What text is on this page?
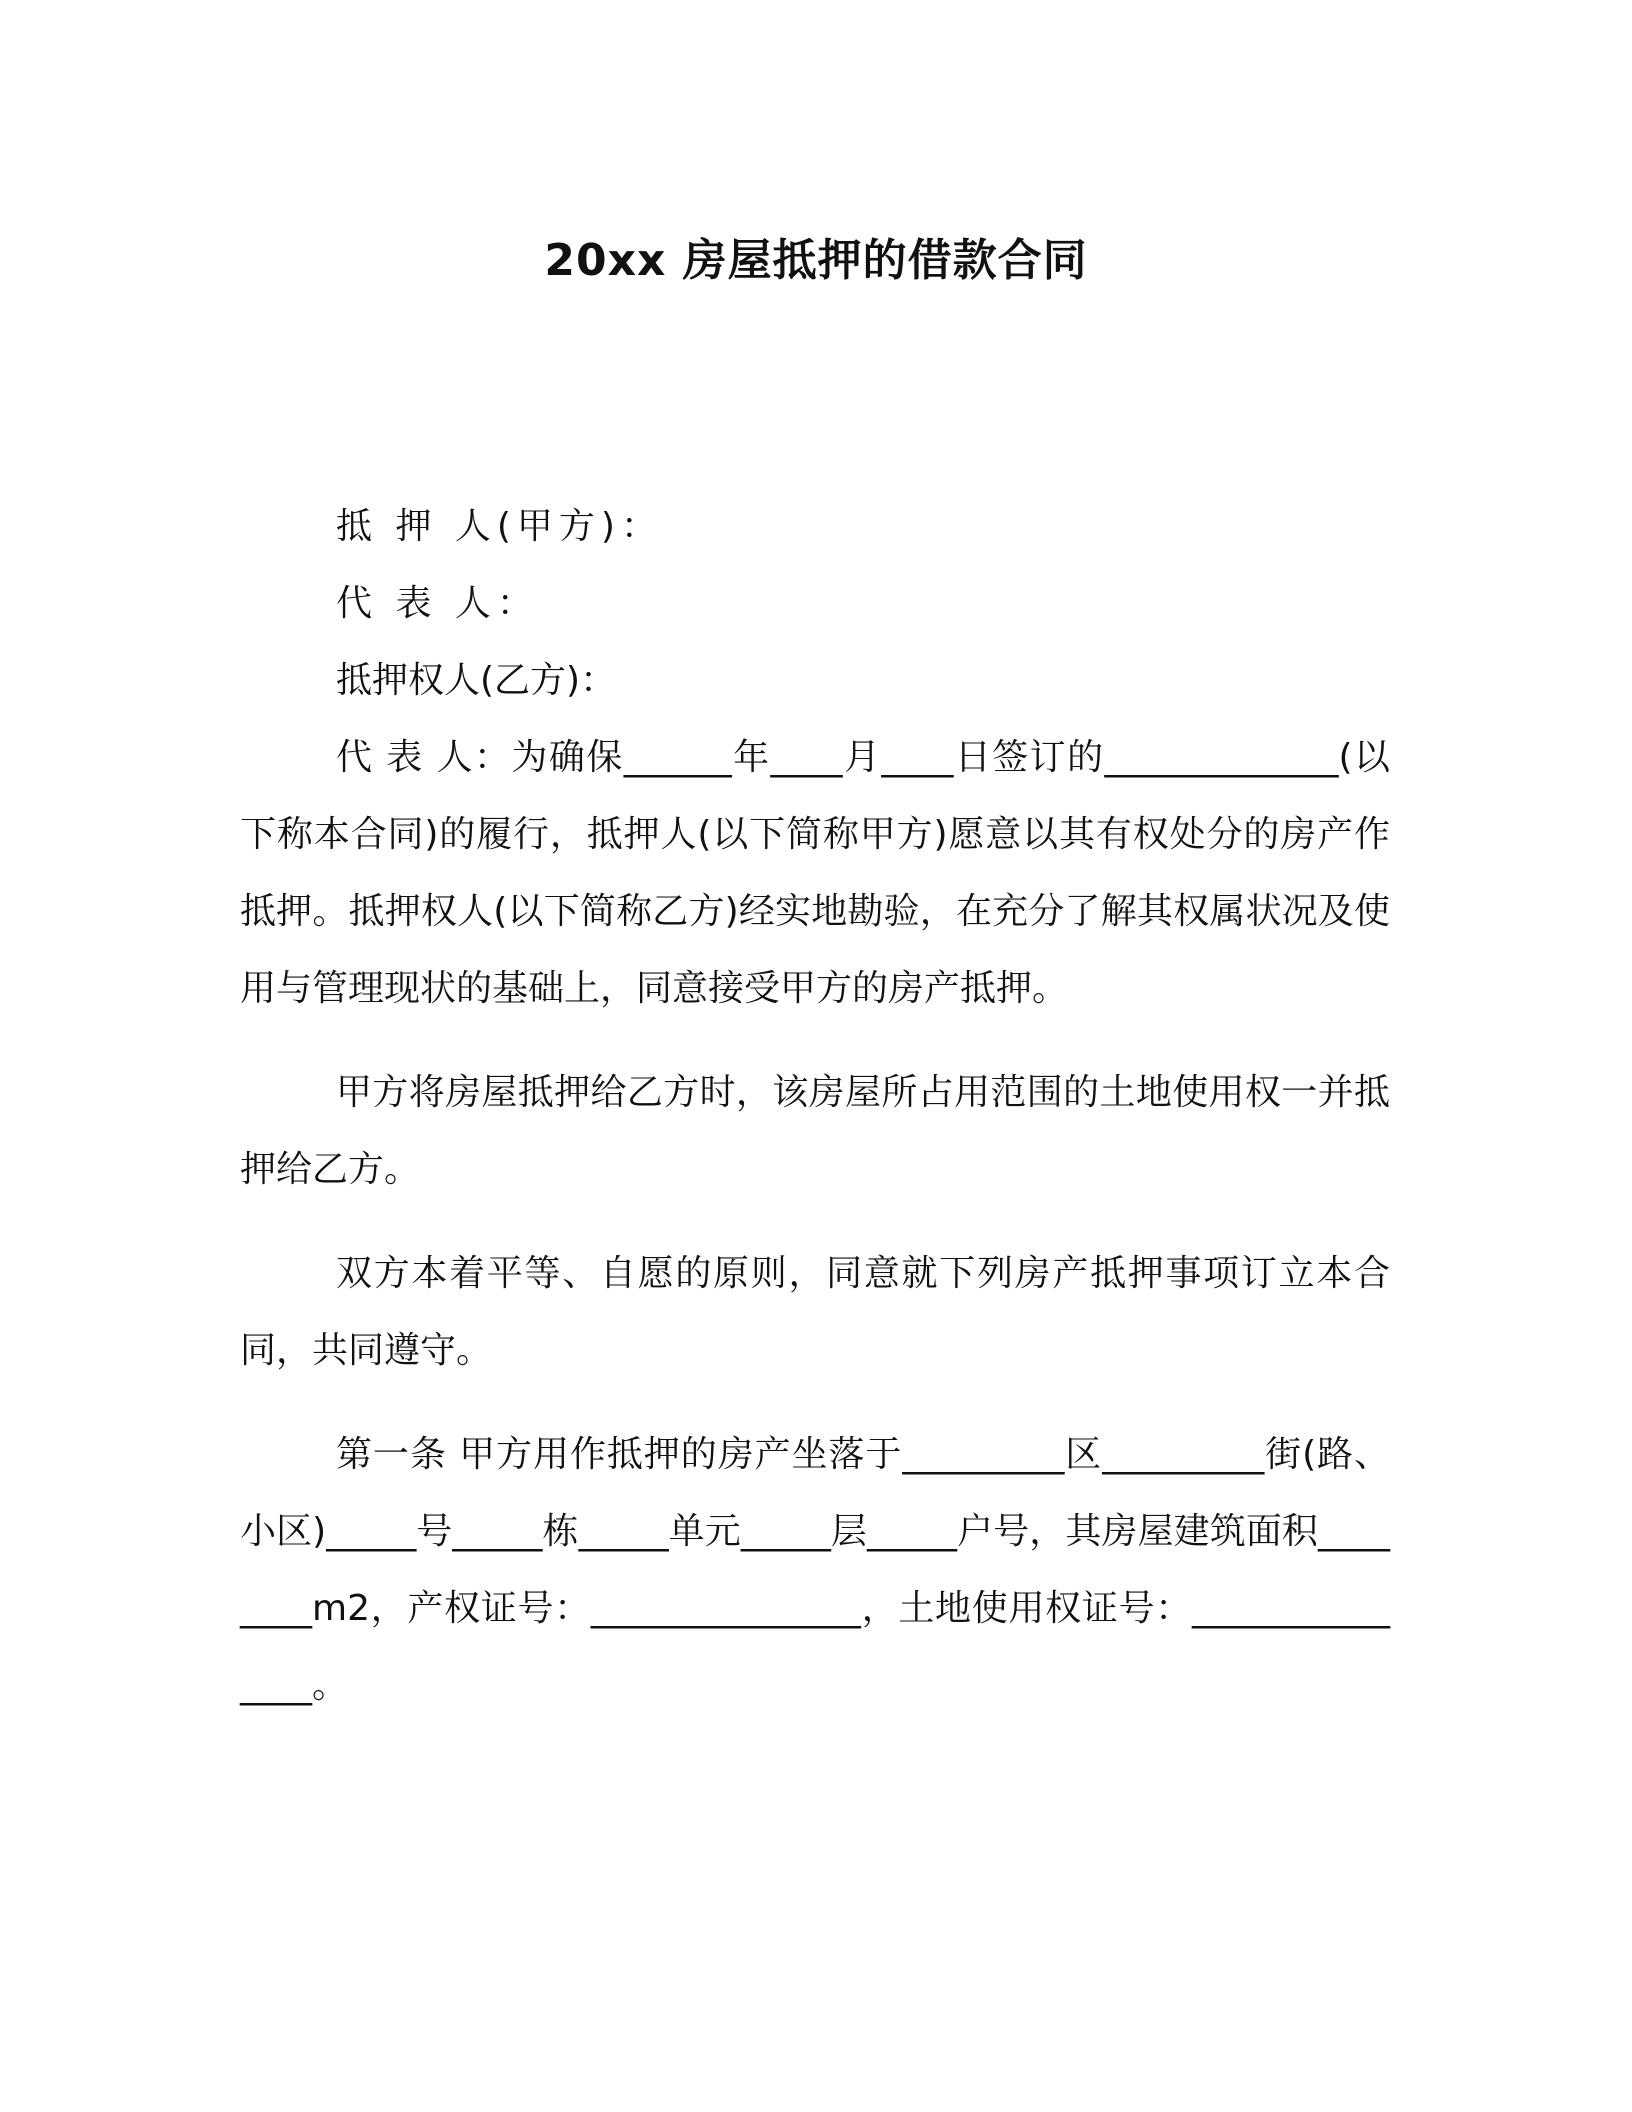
20xx 房屋抵押的借款合同

抵 押 人(甲方)：

代 表 人：

抵押权人(乙方)：

代 表 人：为确保______年____月____日签订的_____________(以下称本合同)的履行，抵押人(以下简称甲方)愿意以其有权处分的房产作抵押。抵押权人(以下简称乙方)经实地勘验，在充分了解其权属状况及使用与管理现状的基础上，同意接受甲方的房产抵押。

甲方将房屋抵押给乙方时，该房屋所占用范围的土地使用权一并抵押给乙方。

双方本着平等、自愿的原则，同意就下列房产抵押事项订立本合同，共同遵守。

第一条 甲方用作抵押的房产坐落于_________区_________街(路、小区)_____号_____栋_____单元_____层_____户号，其房屋建筑面积________m2，产权证号：_______________，土地使用权证号：_______________。
